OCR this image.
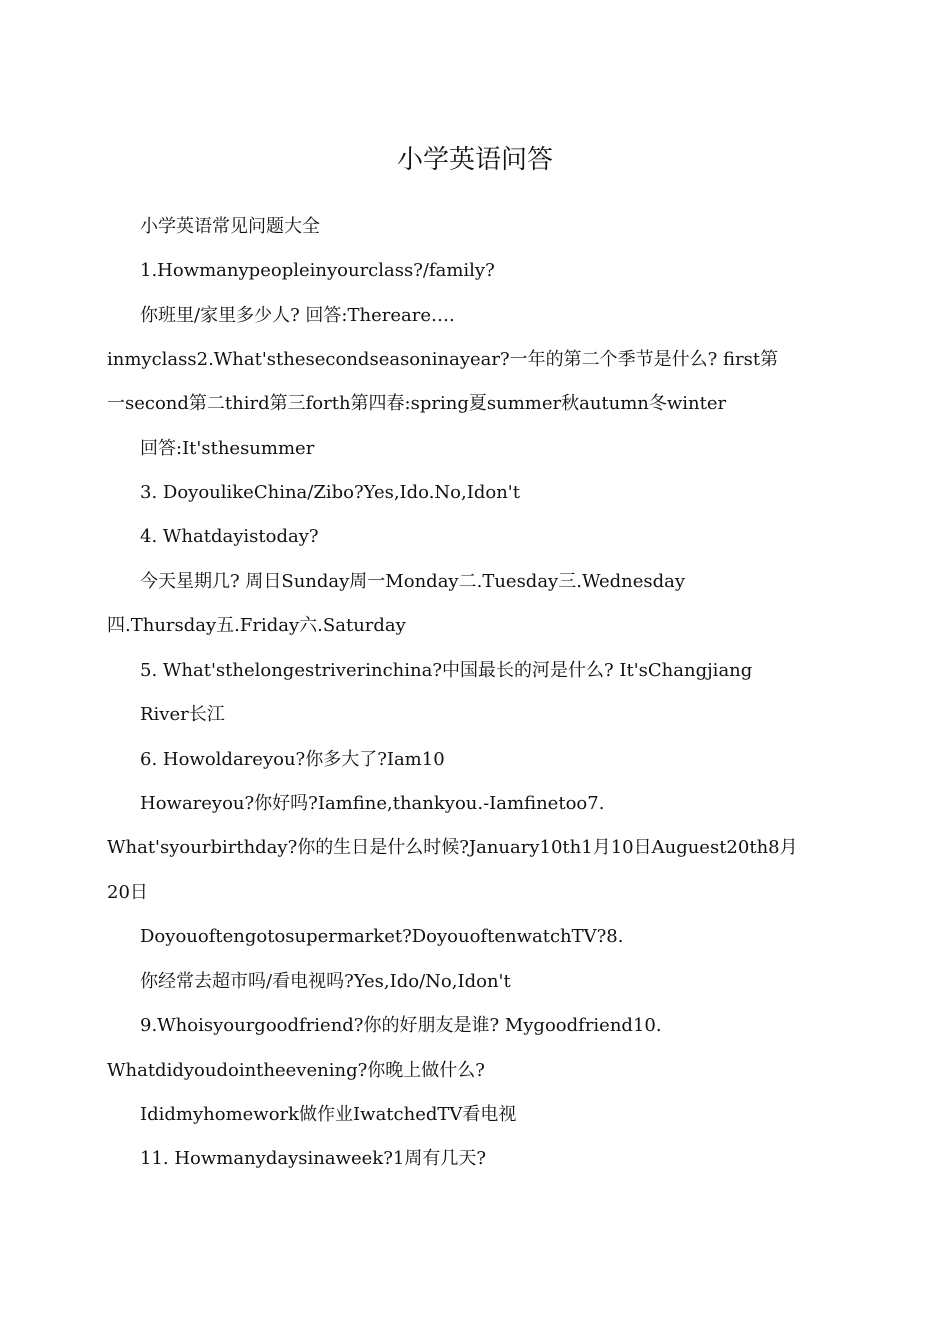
小学英语问答
小学英语常见问题大全
1.Howmanypeopleinyourclass?/family?
你班里/家里多少人? 回答:Thereare….
inmyclass2.What'sthesecondseasoninayear?一年的第二个季节是什么? first第
一second第二third第三forth第四春:spring夏summer秋autumn冬winter
回答:It'sthesummer
3. DoyoulikeChina/Zibo?Yes,Ido.No,Idon't
4. Whatdayistoday?
今天星期几? 周日Sunday周一Monday二.Tuesday三.Wednesday
四.Thursday五.Friday六.Saturday
5. What'sthelongestriverinchina?中国最长的河是什么? It'sChangjiang
River长江
6. Howoldareyou?你多大了?Iam10
Howareyou?你好吗?Iamfine,thankyou.-Iamfinetoo7.
What'syourbirthday?你的生日是什么时候?January10th1月10日Auguest20th8月
20日
Doyouoftengotosupermarket?DoyouoftenwatchTV?8.
你经常去超市吗/看电视吗?Yes,Ido/No,Idon't
9.Whoisyourgoodfriend?你的好朋友是谁? Mygoodfriend10.
Whatdidyoudointheevening?你晚上做什么?
Ididmyhomework做作业IwatchedTV看电视
11. Howmanydaysinaweek?1周有几天?
